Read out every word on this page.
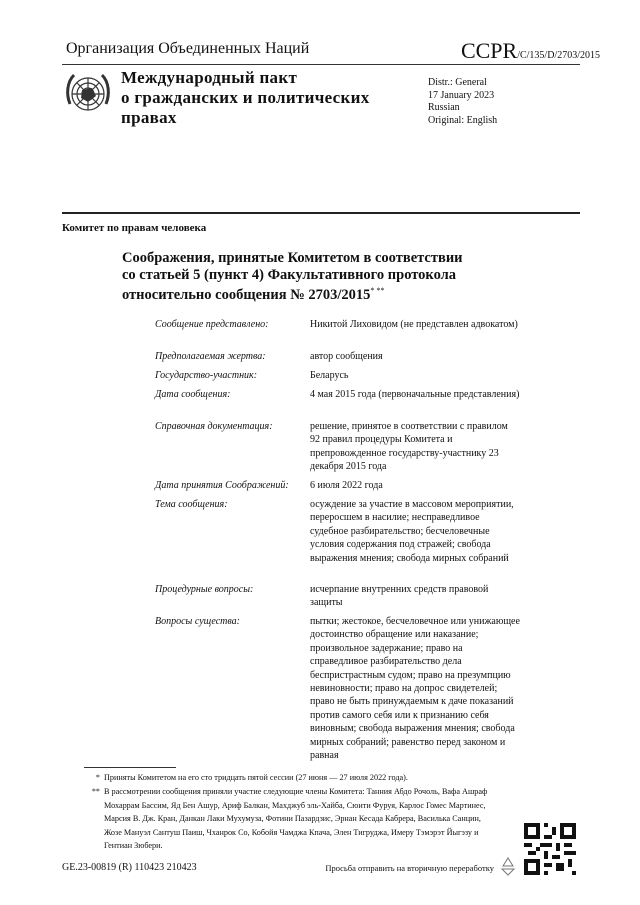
Организация Объединенных Наций	CCPR/C/135/D/2703/2015
Международный пакт
о гражданских и политических
правах
Distr.: General
17 January 2023
Russian
Original: English
Комитет по правам человека
Соображения, принятые Комитетом в соответствии
со статьей 5 (пункт 4) Факультативного протокола
относительно сообщения № 2703/2015* **
Сообщение представлено:	Никитой Лиховидом (не представлен адвокатом)
Предполагаемая жертва:	автор сообщения
Государство-участник:	Беларусь
Дата сообщения:	4 мая 2015 года (первоначальные представления)
Справочная документация:	решение, принятое в соответствии с правилом 92 правил процедуры Комитета и препровожденное государству-участнику 23 декабря 2015 года
Дата принятия Соображений:	6 июля 2022 года
Тема сообщения:	осуждение за участие в массовом мероприятии, переросшем в насилие; несправедливое судебное разбирательство; бесчеловечные условия содержания под стражей; свобода выражения мнения; свобода мирных собраний
Процедурные вопросы:	исчерпание внутренних средств правовой защиты
Вопросы существа:	пытки; жестокое, бесчеловечное или унижающее достоинство обращение или наказание; произвольное задержание; право на справедливое разбирательство дела беспристрастным судом; право на презумпцию невиновности; право на допрос свидетелей; право не быть принуждаемым к даче показаний против самого себя или к признанию себя виновным; свобода выражения мнения; свобода мирных собраний; равенство перед законом и равная
* Приняты Комитетом на его сто тридцать пятой сессии (27 июня — 27 июля 2022 года).
** В рассмотрении сообщения приняли участие следующие члены Комитета: Танния Абдо Рочоль, Вафа Ашраф Мохаррам Бассим, Яд Бен Ашур, Ариф Балкан, Махджуб эль-Хайба, Сюити Фуруя, Карлос Гомес Мартинес, Марсия В. Дж. Кран, Данкан Лаки Мухумуза, Фотини Пазардзис, Эрнан Кесада Кабрера, Василька Санцин, Жозе Мануэл Сантуш Паиш, Чханрок Со, Кобойя Чамджа Кпача, Элен Тигруджа, Имеру Тэмэрэт Йыгэзу и Гентиан Зюбери.
GE.23-00819 (R) 110423 210423	Просьба отправить на вторичную переработку
